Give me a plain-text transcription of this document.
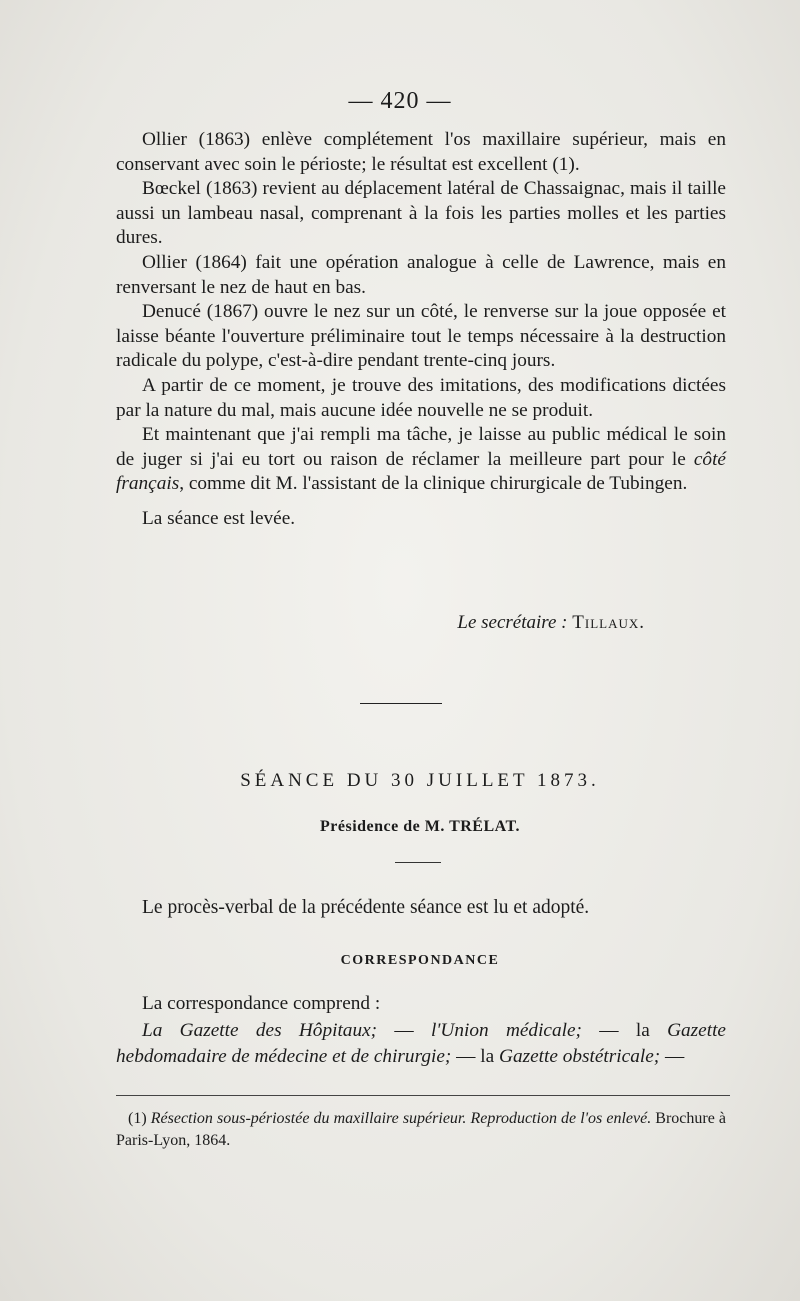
— 420 —

Ollier (1863) enlève complétement l'os maxillaire supérieur, mais en conservant avec soin le périoste; le résultat est excellent (1).

Bœckel (1863) revient au déplacement latéral de Chassaignac, mais il taille aussi un lambeau nasal, comprenant à la fois les parties molles et les parties dures.

Ollier (1864) fait une opération analogue à celle de Lawrence, mais en renversant le nez de haut en bas.

Denucé (1867) ouvre le nez sur un côté, le renverse sur la joue opposée et laisse béante l'ouverture préliminaire tout le temps nécessaire à la destruction radicale du polype, c'est-à-dire pendant trente-cinq jours.

A partir de ce moment, je trouve des imitations, des modifications dictées par la nature du mal, mais aucune idée nouvelle ne se produit.

Et maintenant que j'ai rempli ma tâche, je laisse au public médical le soin de juger si j'ai eu tort ou raison de réclamer la meilleure part pour le côté français, comme dit M. l'assistant de la clinique chirurgicale de Tubingen.

La séance est levée.

Le secrétaire : Tillaux.
SÉANCE DU 30 JUILLET 1873.
Présidence de M. TRÉLAT.
Le procès-verbal de la précédente séance est lu et adopté.
CORRESPONDANCE

La correspondance comprend :

La Gazette des Hôpitaux; — l'Union médicale; — la Gazette hebdomadaire de médecine et de chirurgie; — la Gazette obstétricale; —

(1) Résection sous-périostée du maxillaire supérieur. Reproduction de l'os enlevé. Brochure à Paris-Lyon, 1864.
